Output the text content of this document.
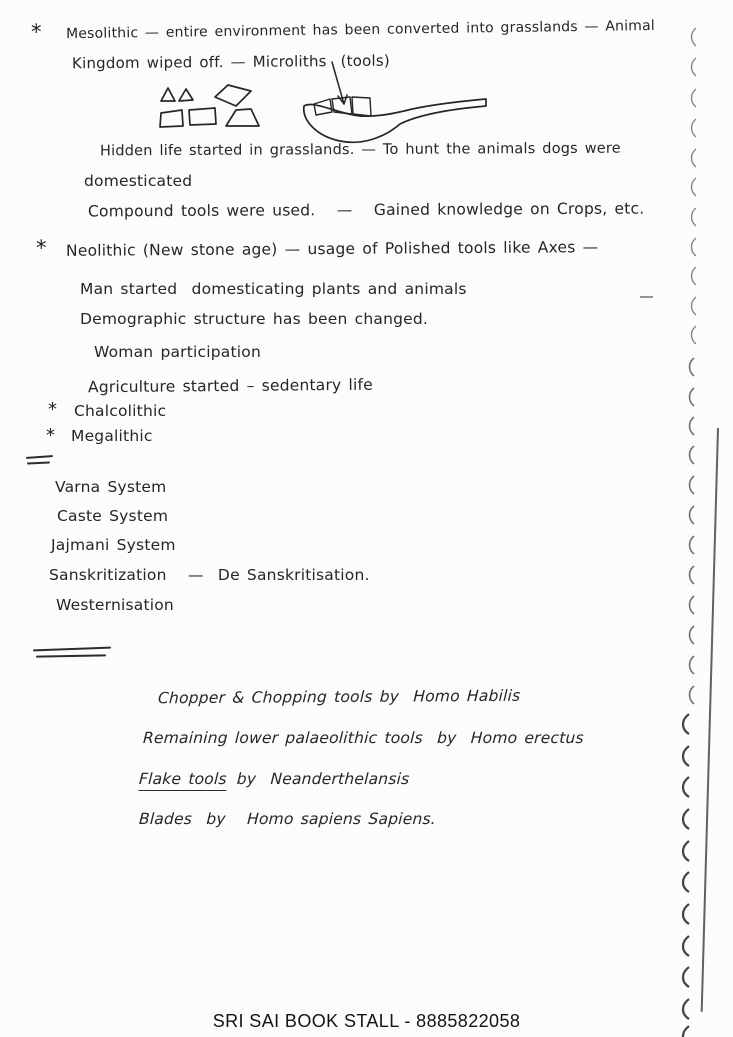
* Mesolithic — entire environment has been converted into grasslands — Animal
Kingdom wiped off. — Microliths  (tools)
Hidden life started in grasslands. — To hunt the animals dogs were
domesticated
Compound tools were used.   —   Gained knowledge on Crops, etc.
* Neolithic (New stone age) — usage of Polished tools like Axes —
Man started  domesticating plants and animals
Demographic structure has been changed.
Woman participation
Agriculture started – sedentary life
* Chalcolithic
* Megalithic
Varna System
Caste System
Jajmani System
Sanskritization   —  De Sanskritisation.
Westernisation
Chopper & Chopping tools by  Homo Habilis
Remaining lower palaeolithic tools  by  Homo erectus
Flake tools by  Neanderthelansis
Blades  by   Homo sapiens Sapiens.
SRI SAI BOOK STALL - 8885822058
